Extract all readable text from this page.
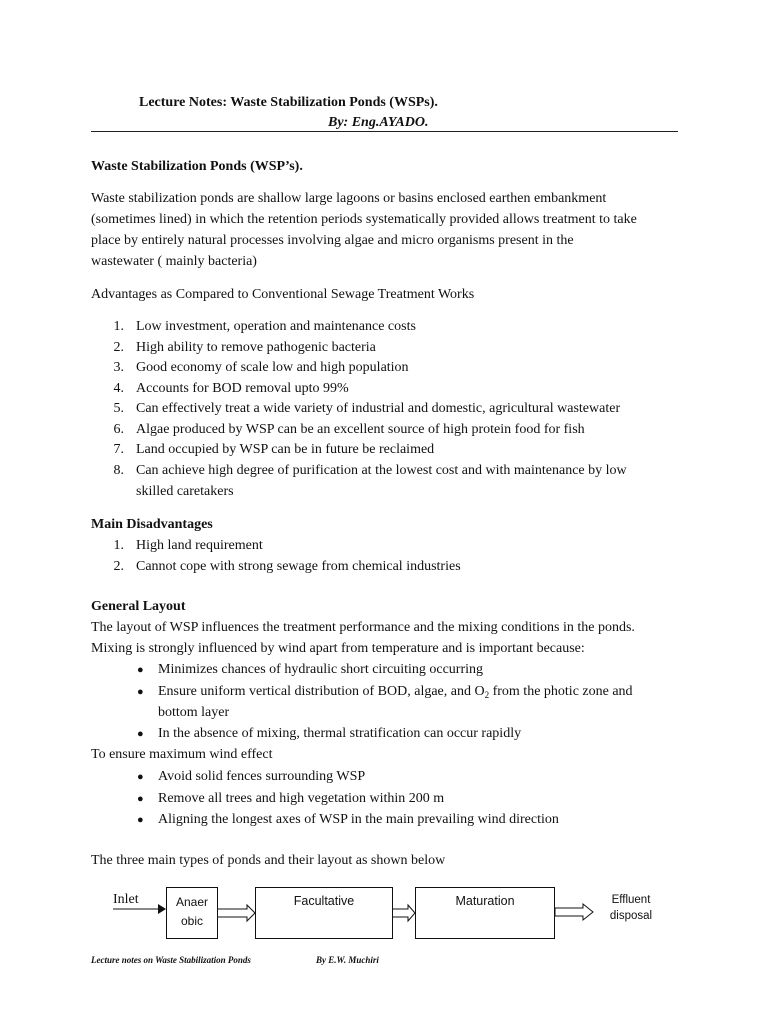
Lecture Notes: Waste Stabilization Ponds (WSPs).
By: Eng.AYADO.
Waste Stabilization Ponds (WSP’s).
Waste stabilization ponds are shallow large lagoons or basins enclosed earthen embankment
(sometimes lined) in which the retention periods systematically provided allows treatment to take
place by entirely natural processes involving algae and micro organisms present in the
wastewater ( mainly bacteria)
Advantages as Compared to Conventional Sewage Treatment Works
1. Low investment, operation and maintenance costs
2. High ability to remove pathogenic bacteria
3. Good economy of scale low and high population
4. Accounts for BOD removal upto 99%
5. Can effectively treat a wide variety of industrial and domestic, agricultural wastewater
6. Algae produced by WSP can be an excellent source of high protein food for fish
7. Land occupied by WSP can be in future be reclaimed
8. Can achieve high degree of purification at the lowest cost and with maintenance by low
skilled caretakers
Main Disadvantages
1. High land requirement
2. Cannot cope with strong sewage from chemical industries
General Layout
The layout of WSP influences the treatment performance and the mixing conditions in the ponds.
Mixing is strongly influenced by wind apart from temperature and is important because:
● Minimizes chances of hydraulic short circuiting occurring
● Ensure uniform vertical distribution of BOD, algae, and $O_2$ from the photic zone and
bottom layer
● In the absence of mixing, thermal stratification can occur rapidly
To ensure maximum wind effect
● Avoid solid fences surrounding WSP
● Remove all trees and high vegetation within 200 m
● Aligning the longest axes of WSP in the main prevailing wind direction
The three main types of ponds and their layout as shown below
Inlet	Anaer
obic
Facultative	Maturation	Effluent
disposal
Lecture notes on Waste Stabilization Ponds	By E.W. Muchiri
